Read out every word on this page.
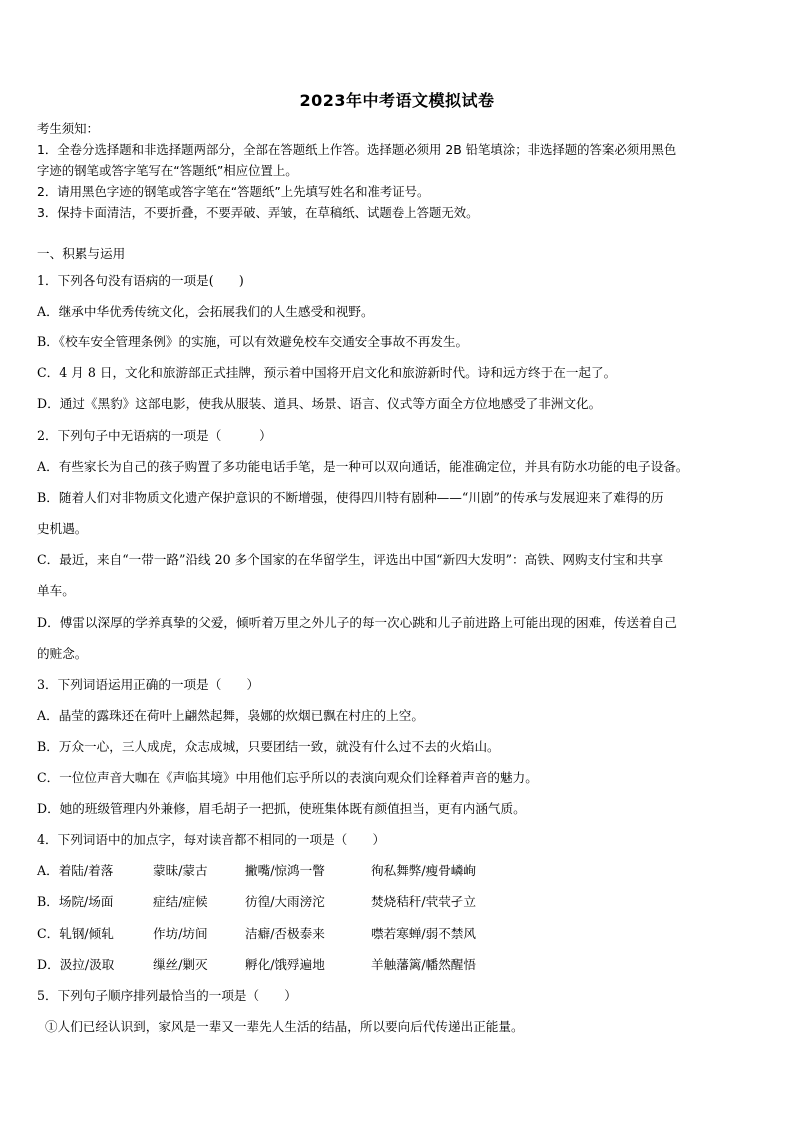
2023年中考语文模拟试卷
考生须知：
1．全卷分选择题和非选择题两部分，全部在答题纸上作答。选择题必须用 2B 铅笔填涂；非选择题的答案必须用黑色
字迹的钢笔或答字笔写在“答题纸”相应位置上。
2．请用黑色字迹的钢笔或答字笔在“答题纸”上先填写姓名和准考证号。
3．保持卡面清洁，不要折叠，不要弄破、弄皱，在草稿纸、试题卷上答题无效。
一、积累与运用
1．下列各句没有语病的一项是(　　)
A．继承中华优秀传统文化，会拓展我们的人生感受和视野。
B．《校车安全管理条例》的实施，可以有效避免校车交通安全事故不再发生。
C．4 月 8 日，文化和旅游部正式挂牌，预示着中国将开启文化和旅游新时代。诗和远方终于在一起了。
D．通过《黑豹》这部电影，使我从服装、道具、场景、语言、仪式等方面全方位地感受了非洲文化。
2．下列句子中无语病的一项是（　　　）
A．有些家长为自己的孩子购置了多功能电话手笔，是一种可以双向通话，能准确定位，并具有防水功能的电子设备。
B．随着人们对非物质文化遗产保护意识的不断增强，使得四川特有剧种——“川剧”的传承与发展迎来了难得的历
史机遇。
C．最近，来自“一带一路”沿线 20 多个国家的在华留学生，评选出中国“新四大发明”：高铁、网购支付宝和共享
单车。
D．傅雷以深厚的学养真挚的父爱，倾听着万里之外儿子的每一次心跳和儿子前进路上可能出现的困难，传送着自己
的赃念。
3．下列词语运用正确的一项是（　　）
A．晶莹的露珠还在荷叶上翩然起舞，袅娜的炊烟已飘在村庄的上空。
B．万众一心，三人成虎，众志成城，只要团结一致，就没有什么过不去的火焰山。
C．一位位声音大咖在《声临其境》中用他们忘乎所以的表演向观众们诠释着声音的魅力。
D．她的班级管理内外兼修，眉毛胡子一把抓，使班集体既有颜值担当，更有内涵气质。
4．下列词语中的加点字，每对读音都不相同的一项是（　　）
A．着陆/着落	蒙昧/蒙古	撇嘴/惊鸿一瞥	徇私舞弊/瘦骨嶙峋
B．场院/场面	症结/症候	彷徨/大雨滂沱	焚烧秸秆/茕茕孑立
C．轧钢/倾轧	作坊/坊间	洁癖/否极泰来	噤若寒蝉/弱不禁风
D．汲拉/汲取	缫丝/剿灭	孵化/饿殍遍地	羊触藩篱/幡然醒悟
5．下列句子顺序排列最恰当的一项是（　　）
①人们已经认识到，家风是一辈又一辈先人生活的结晶，所以要向后代传递出正能量。
